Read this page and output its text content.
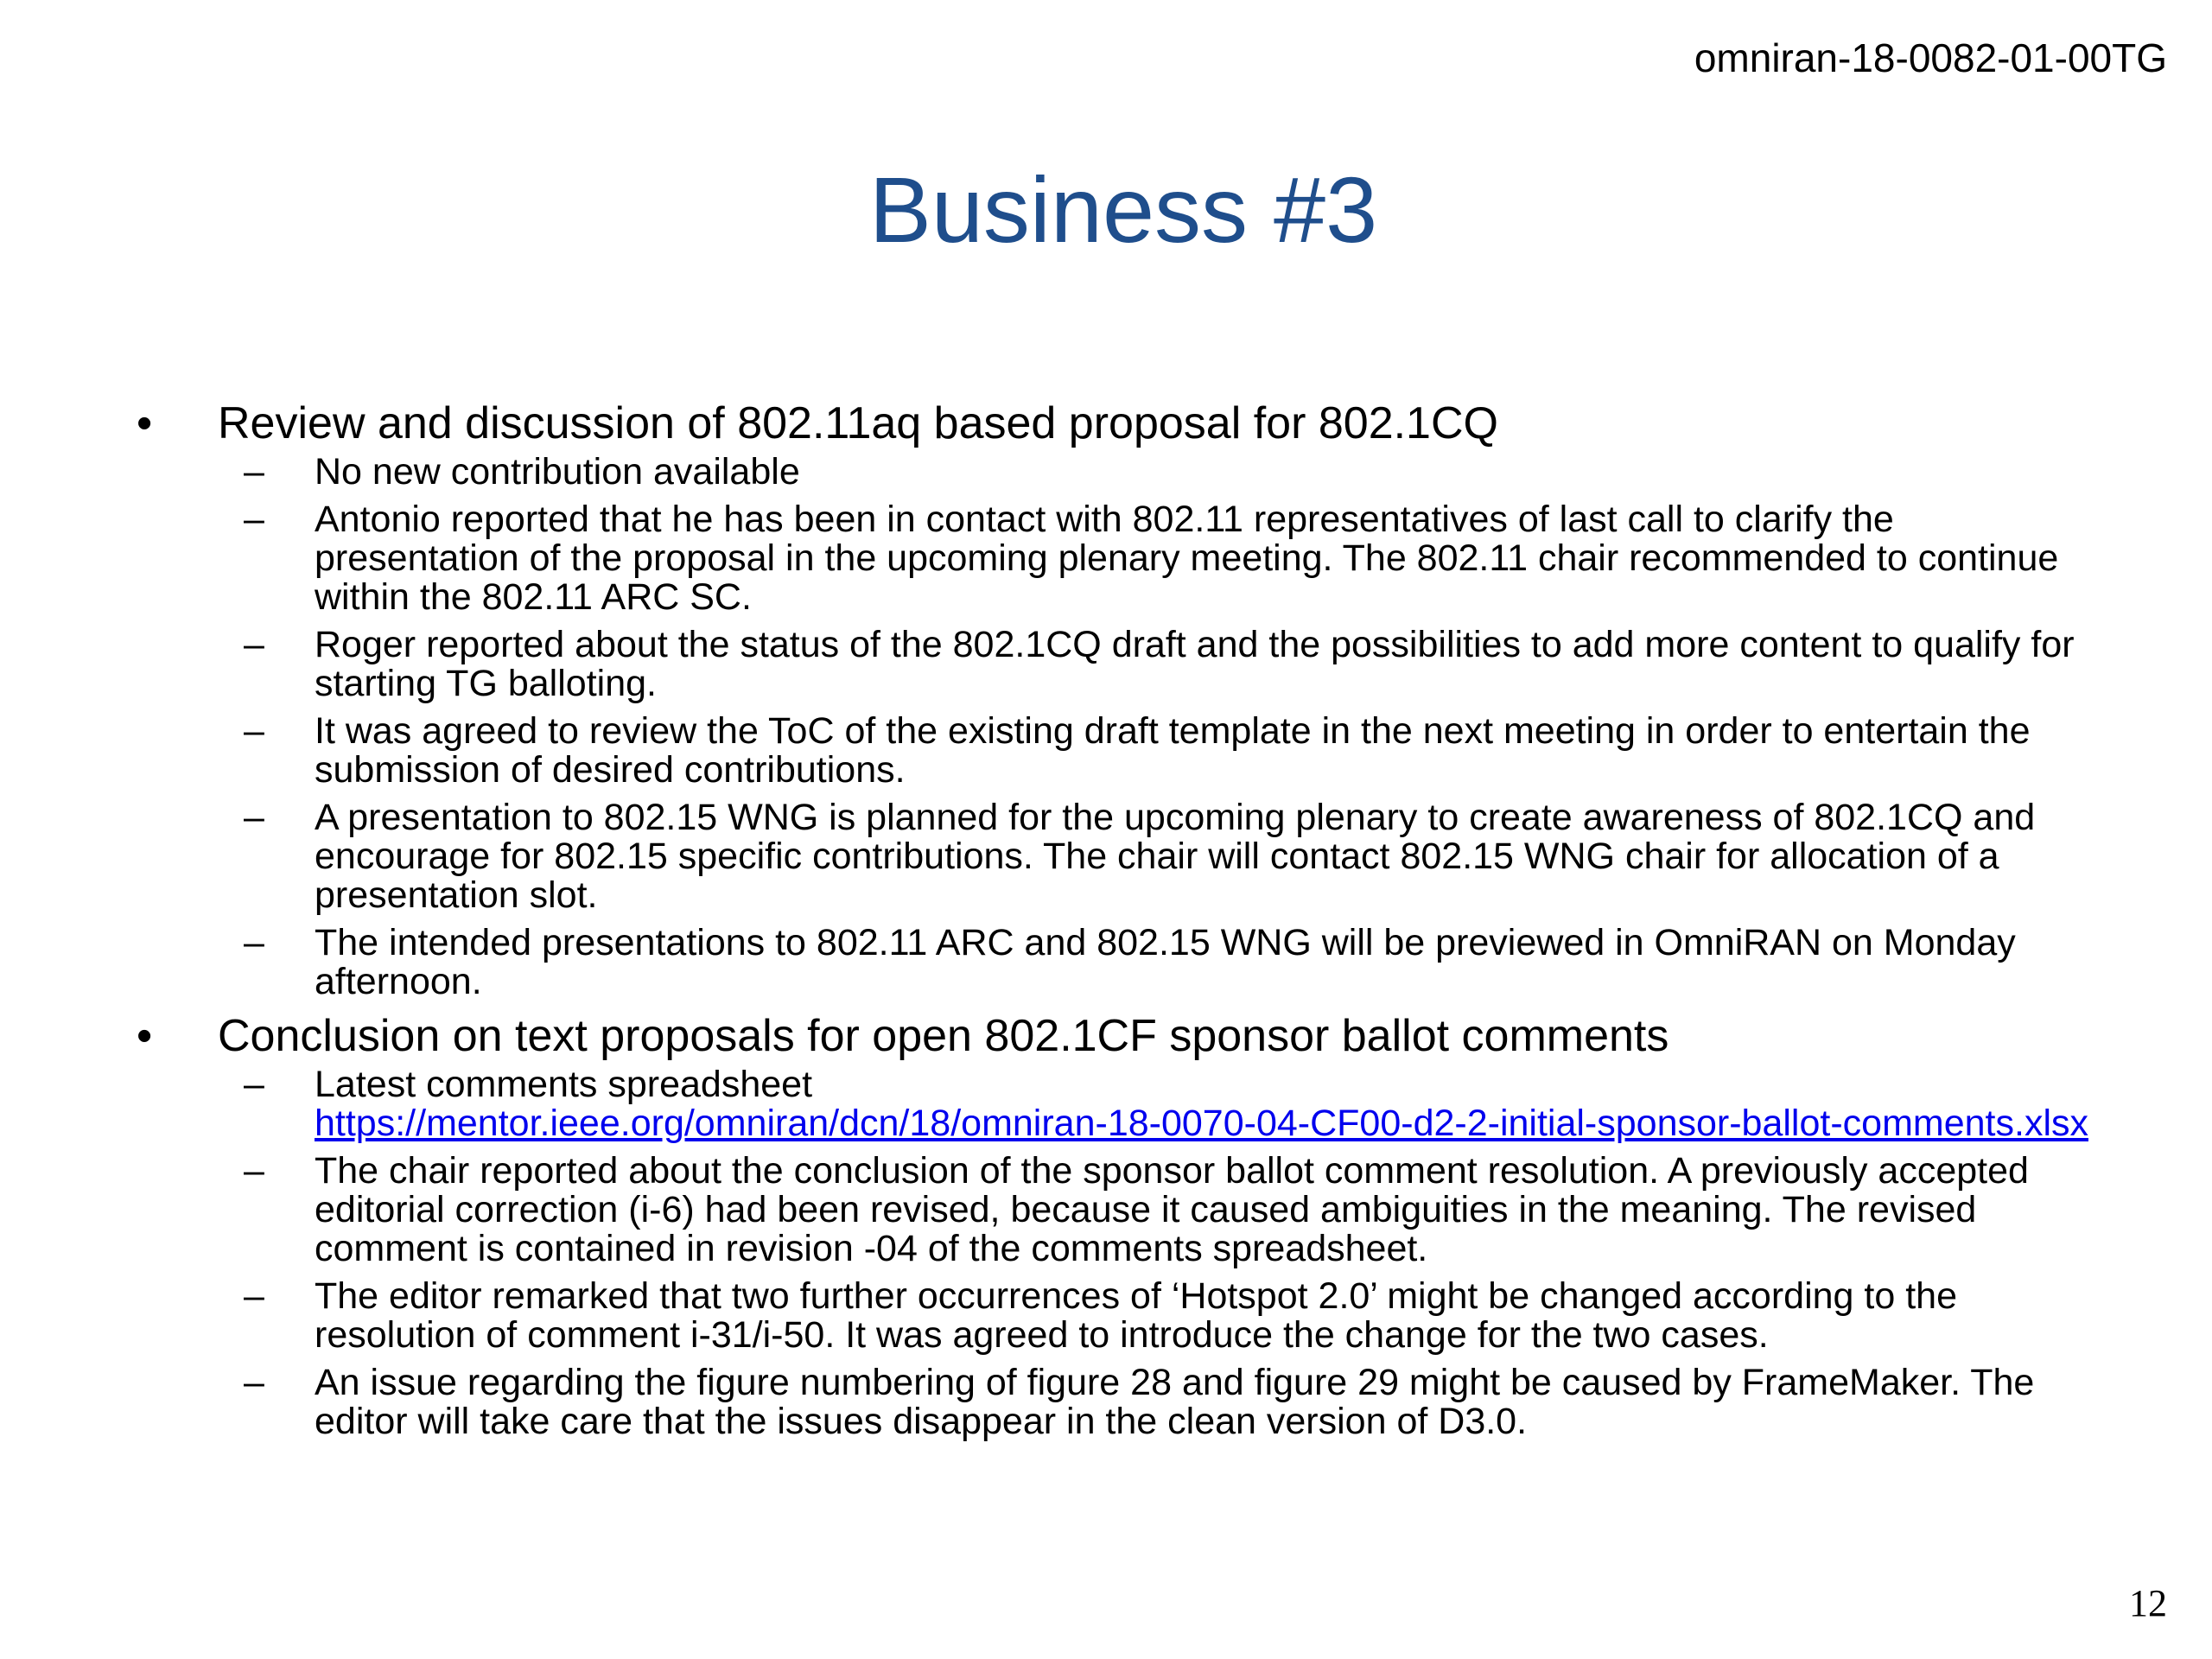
omniran-18-0082-01-00TG
Business #3
• Review and discussion of 802.11aq based proposal for 802.1CQ
– No new contribution available
– Antonio reported that he has been in contact with 802.11 representatives of last call to clarify the presentation of the proposal in the upcoming plenary meeting. The 802.11 chair recommended to continue within the 802.11 ARC SC.
– Roger reported about the status of the 802.1CQ draft and the possibilities to add more content to qualify for starting TG balloting.
– It was agreed to review the ToC of the existing draft template in the next meeting in order to entertain the submission of desired contributions.
– A presentation to 802.15 WNG is planned for the upcoming plenary to create awareness of 802.1CQ and encourage for 802.15 specific contributions. The chair will contact 802.15 WNG chair for allocation of a presentation slot.
– The intended presentations to 802.11 ARC and 802.15 WNG will be previewed in OmniRAN on Monday afternoon.
• Conclusion on text proposals for open 802.1CF sponsor ballot comments
– Latest comments spreadsheet
https://mentor.ieee.org/omniran/dcn/18/omniran-18-0070-04-CF00-d2-2-initial-sponsor-ballot-comments.xlsx
– The chair reported about the conclusion of the sponsor ballot comment resolution. A previously accepted editorial correction (i-6) had been revised, because it caused ambiguities in the meaning. The revised comment is contained in revision -04 of the comments spreadsheet.
– The editor remarked that two further occurrences of ‘Hotspot 2.0’ might be changed according to the resolution of comment i-31/i-50. It was agreed to introduce the change for the two cases.
– An issue regarding the figure numbering of figure 28 and figure 29 might be caused by FrameMaker. The editor will take care that the issues disappear in the clean version of D3.0.
12
